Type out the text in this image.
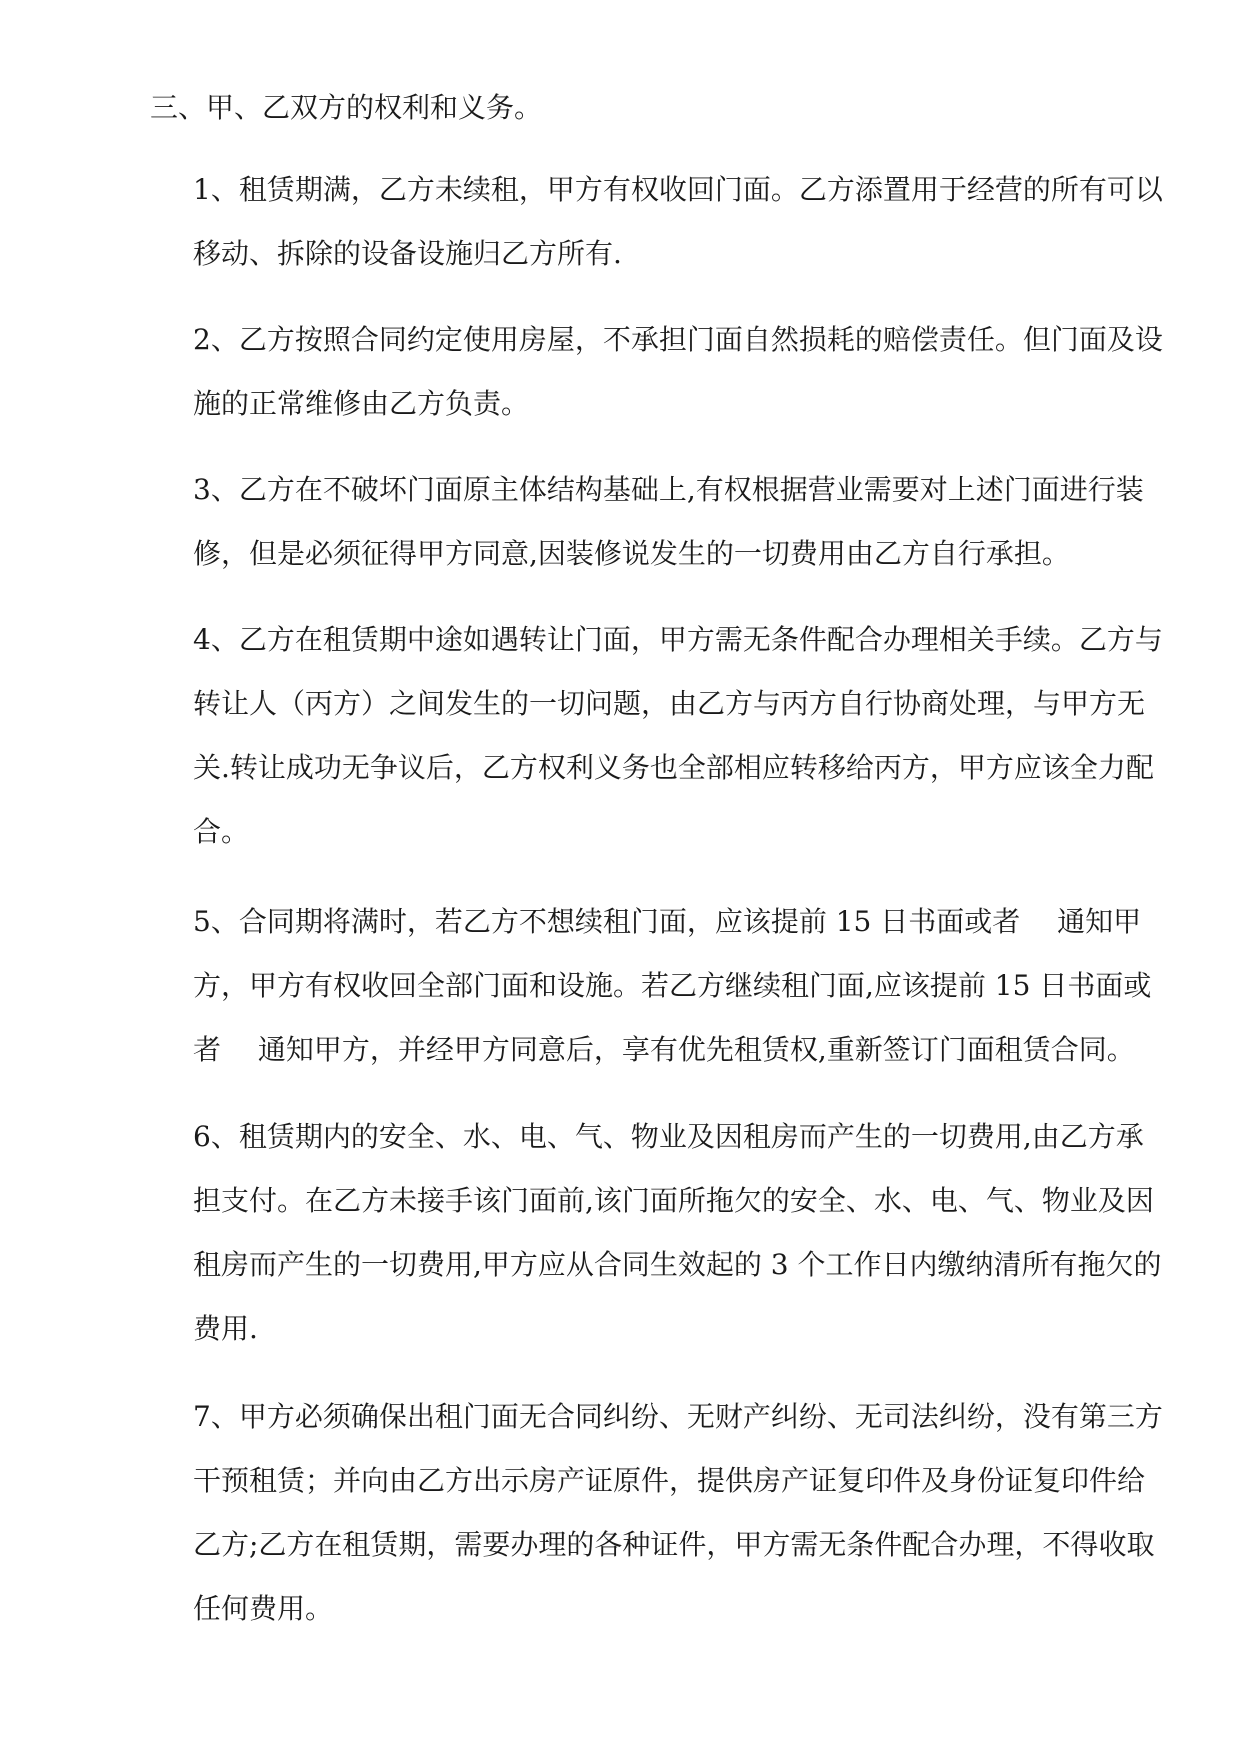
三、甲、乙双方的权利和义务。

1、租赁期满，乙方未续租，甲方有权收回门面。乙方添置用于经营的所有可以移动、拆除的设备设施归乙方所有.

2、乙方按照合同约定使用房屋，不承担门面自然损耗的赔偿责任。但门面及设施的正常维修由乙方负责。

3、乙方在不破坏门面原主体结构基础上,有权根据营业需要对上述门面进行装修，但是必须征得甲方同意,因装修说发生的一切费用由乙方自行承担。

4、乙方在租赁期中途如遇转让门面，甲方需无条件配合办理相关手续。乙方与转让人（丙方）之间发生的一切问题，由乙方与丙方自行协商处理，与甲方无关.转让成功无争议后，乙方权利义务也全部相应转移给丙方，甲方应该全力配合。

5、合同期将满时，若乙方不想续租门面，应该提前 15 日书面或者　 通知甲方，甲方有权收回全部门面和设施。若乙方继续租门面,应该提前 15 日书面或者　 通知甲方，并经甲方同意后，享有优先租赁权,重新签订门面租赁合同。

6、租赁期内的安全、水、电、气、物业及因租房而产生的一切费用,由乙方承担支付。在乙方未接手该门面前,该门面所拖欠的安全、水、电、气、物业及因租房而产生的一切费用,甲方应从合同生效起的 3 个工作日内缴纳清所有拖欠的费用.

7、甲方必须确保出租门面无合同纠纷、无财产纠纷、无司法纠纷，没有第三方干预租赁；并向由乙方出示房产证原件，提供房产证复印件及身份证复印件给乙方;乙方在租赁期，需要办理的各种证件，甲方需无条件配合办理，不得收取任何费用。
